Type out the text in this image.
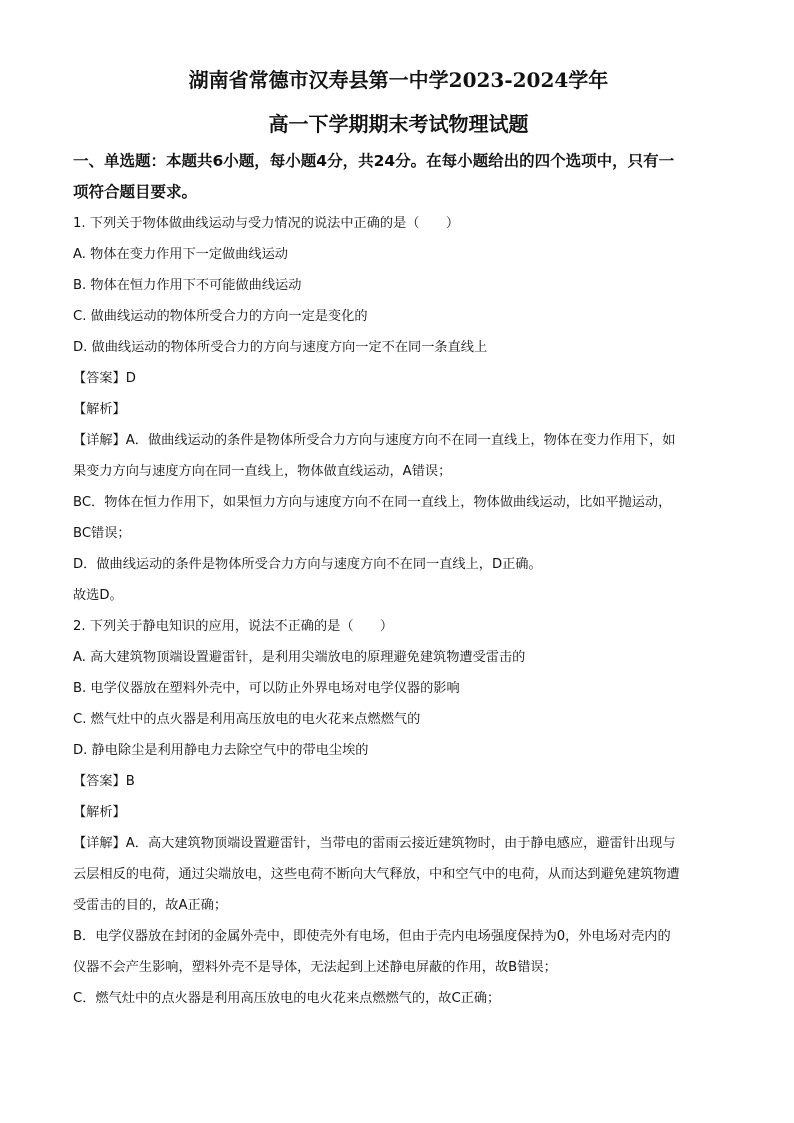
湖南省常德市汉寿县第一中学2023-2024学年
高一下学期期末考试物理试题
一、单选题：本题共6小题，每小题4分，共24分。在每小题给出的四个选项中，只有一
项符合题目要求。
1. 下列关于物体做曲线运动与受力情况的说法中正确的是（　　）
A. 物体在变力作用下一定做曲线运动
B. 物体在恒力作用下不可能做曲线运动
C. 做曲线运动的物体所受合力的方向一定是变化的
D. 做曲线运动的物体所受合力的方向与速度方向一定不在同一条直线上
【答案】D
【解析】
【详解】A．做曲线运动的条件是物体所受合力方向与速度方向不在同一直线上，物体在变力作用下，如
果变力方向与速度方向在同一直线上，物体做直线运动，A错误；
BC．物体在恒力作用下，如果恒力方向与速度方向不在同一直线上，物体做曲线运动，比如平抛运动，
BC错误；
D．做曲线运动的条件是物体所受合力方向与速度方向不在同一直线上，D正确。
故选D。
2. 下列关于静电知识的应用，说法不正确的是（　　）
A. 高大建筑物顶端设置避雷针，是利用尖端放电的原理避免建筑物遭受雷击的
B. 电学仪器放在塑料外壳中，可以防止外界电场对电学仪器的影响
C. 燃气灶中的点火器是利用高压放电的电火花来点燃燃气的
D. 静电除尘是利用静电力去除空气中的带电尘埃的
【答案】B
【解析】
【详解】A．高大建筑物顶端设置避雷针，当带电的雷雨云接近建筑物时，由于静电感应，避雷针出现与
云层相反的电荷，通过尖端放电，这些电荷不断向大气释放，中和空气中的电荷，从而达到避免建筑物遭
受雷击的目的，故A正确；
B．电学仪器放在封闭的金属外壳中，即使壳外有电场，但由于壳内电场强度保持为0，外电场对壳内的
仪器不会产生影响，塑料外壳不是导体，无法起到上述静电屏蔽的作用，故B错误；
C．燃气灶中的点火器是利用高压放电的电火花来点燃燃气的，故C正确；
